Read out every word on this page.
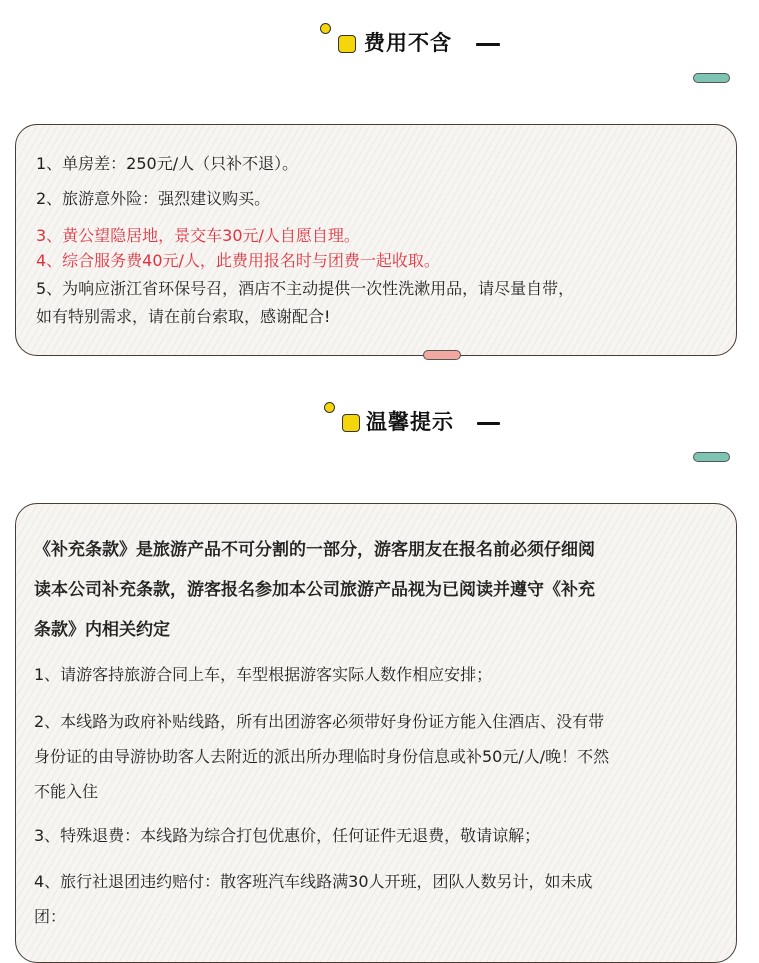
费用不含
1、单房差：250元/人（只补不退）。
2、旅游意外险：强烈建议购买。
3、黄公望隐居地，景交车30元/人自愿自理。
4、综合服务费40元/人，此费用报名时与团费一起收取。
5、为响应浙江省环保号召，酒店不主动提供一次性洗漱用品，请尽量自带，
如有特别需求，请在前台索取，感谢配合!
温馨提示
《补充条款》是旅游产品不可分割的一部分，游客朋友在报名前必须仔细阅
读本公司补充条款，游客报名参加本公司旅游产品视为已阅读并遵守《补充
条款》内相关约定
1、请游客持旅游合同上车，车型根据游客实际人数作相应安排；
2、本线路为政府补贴线路，所有出团游客必须带好身份证方能入住酒店、没有带
身份证的由导游协助客人去附近的派出所办理临时身份信息或补50元/人/晚！不然
不能入住
3、特殊退费：本线路为综合打包优惠价，任何证件无退费，敬请谅解；
4、旅行社退团违约赔付：散客班汽车线路满30人开班，团队人数另计，如未成
团：
